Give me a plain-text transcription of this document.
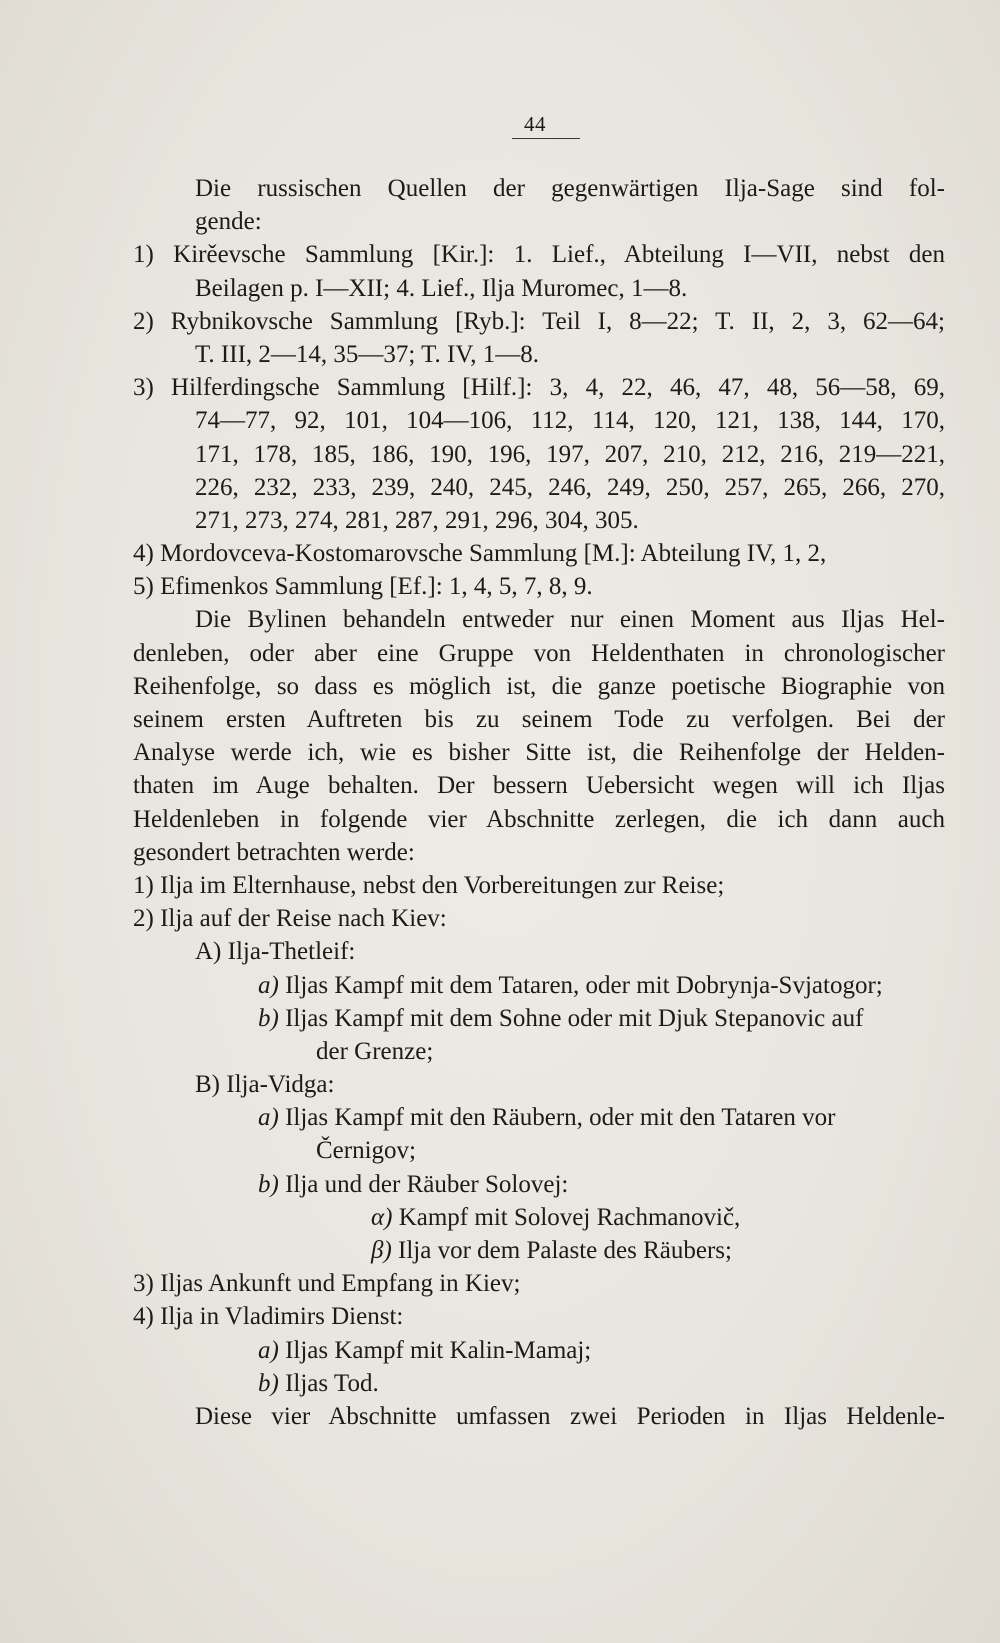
44
Die russischen Quellen der gegenwärtigen Ilja-Sage sind fol-
gende:
1) Kirěevsche Sammlung [Kir.]: 1. Lief., Abteilung I—VII, nebst den
Beilagen p. I—XII; 4. Lief., Ilja Muromec, 1—8.
2) Rybnikovsche Sammlung [Ryb.]: Teil I, 8—22; T. II, 2, 3, 62—64;
T. III, 2—14, 35—37; T. IV, 1—8.
3) Hilferdingsche Sammlung [Hilf.]: 3, 4, 22, 46, 47, 48, 56—58, 69,
74—77, 92, 101, 104—106, 112, 114, 120, 121, 138, 144, 170,
171, 178, 185, 186, 190, 196, 197, 207, 210, 212, 216, 219—221,
226, 232, 233, 239, 240, 245, 246, 249, 250, 257, 265, 266, 270,
271, 273, 274, 281, 287, 291, 296, 304, 305.
4) Mordovceva-Kostomarovsche Sammlung [M.]: Abteilung IV, 1, 2,
5) Efimenkos Sammlung [Ef.]: 1, 4, 5, 7, 8, 9.
Die Bylinen behandeln entweder nur einen Moment aus Iljas Hel-
denleben, oder aber eine Gruppe von Heldenthaten in chronologischer
Reihenfolge, so dass es möglich ist, die ganze poetische Biographie von
seinem ersten Auftreten bis zu seinem Tode zu verfolgen. Bei der
Analyse werde ich, wie es bisher Sitte ist, die Reihenfolge der Helden-
thaten im Auge behalten. Der bessern Uebersicht wegen will ich Iljas
Heldenleben in folgende vier Abschnitte zerlegen, die ich dann auch
gesondert betrachten werde:
1) Ilja im Elternhause, nebst den Vorbereitungen zur Reise;
2) Ilja auf der Reise nach Kiev:
A) Ilja-Thetleif:
a) Iljas Kampf mit dem Tataren, oder mit Dobrynja-Svjatogor;
b) Iljas Kampf mit dem Sohne oder mit Djuk Stepanovic auf
der Grenze;
B) Ilja-Vidga:
a) Iljas Kampf mit den Räubern, oder mit den Tataren vor
Černigov;
b) Ilja und der Räuber Solovej:
α) Kampf mit Solovej Rachmanovič,
β) Ilja vor dem Palaste des Räubers;
3) Iljas Ankunft und Empfang in Kiev;
4) Ilja in Vladimirs Dienst:
a) Iljas Kampf mit Kalin-Mamaj;
b) Iljas Tod.
Diese vier Abschnitte umfassen zwei Perioden in Iljas Heldenle-
